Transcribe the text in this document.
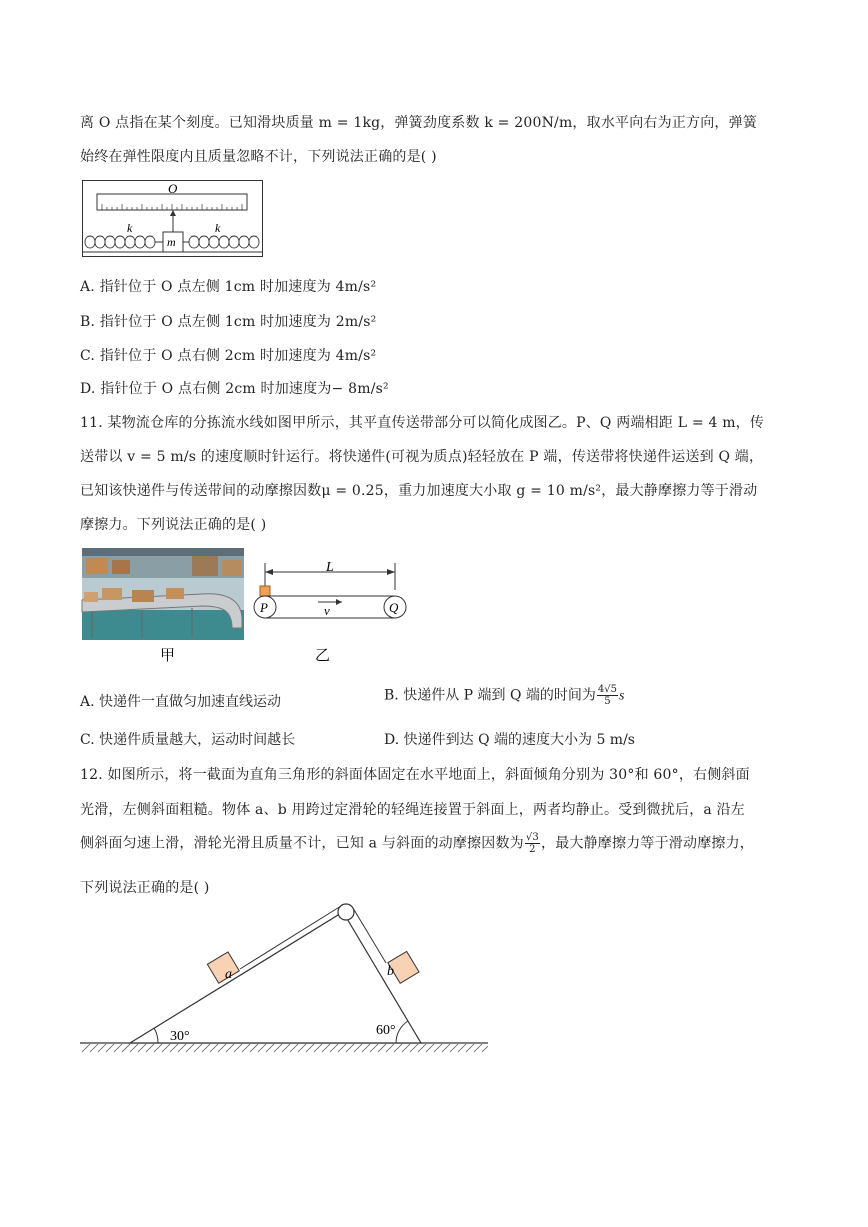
离 O 点指在某个刻度。已知滑块质量 m = 1kg，弹簧劲度系数 k = 200N/m，取水平向右为正方向，弹簧
始终在弹性限度内且质量忽略不计，下列说法正确的是( )
O
k	k
m
A. 指针位于 O 点左侧 1cm 时加速度为 4m/s²
B. 指针位于 O 点左侧 1cm 时加速度为 2m/s²
C. 指针位于 O 点右侧 2cm 时加速度为 4m/s²
D. 指针位于 O 点右侧 2cm 时加速度为− 8m/s²
11. 某物流仓库的分拣流水线如图甲所示，其平直传送带部分可以简化成图乙。P、Q 两端相距 L = 4 m，传
送带以 v = 5 m/s 的速度顺时针运行。将快递件(可视为质点)轻轻放在 P 端，传送带将快递件运送到 Q 端，
已知该快递件与传送带间的动摩擦因数μ = 0.25，重力加速度大小取 g = 10 m/s²，最大静摩擦力等于滑动
摩擦力。下列说法正确的是( )
甲	乙
L
P	Q
v
A. 快递件一直做匀加速直线运动	B. 快递件从 P 端到 Q 端的时间为 $\frac{4√5}{5}$ s
C. 快递件质量越大，运动时间越长	D. 快递件到达 Q 端的速度大小为 5 m/s
12. 如图所示，将一截面为直角三角形的斜面体固定在水平地面上，斜面倾角分别为 30°和 60°，右侧斜面
光滑，左侧斜面粗糙。物体 a、b 用跨过定滑轮的轻绳连接置于斜面上，两者均静止。受到微扰后，a 沿左
侧斜面匀速上滑，滑轮光滑且质量不计，已知 a 与斜面的动摩擦因数为 $\frac{√3}{2}$ ，最大静摩擦力等于滑动摩擦力，
下列说法正确的是( )
a	b
30°	60°
